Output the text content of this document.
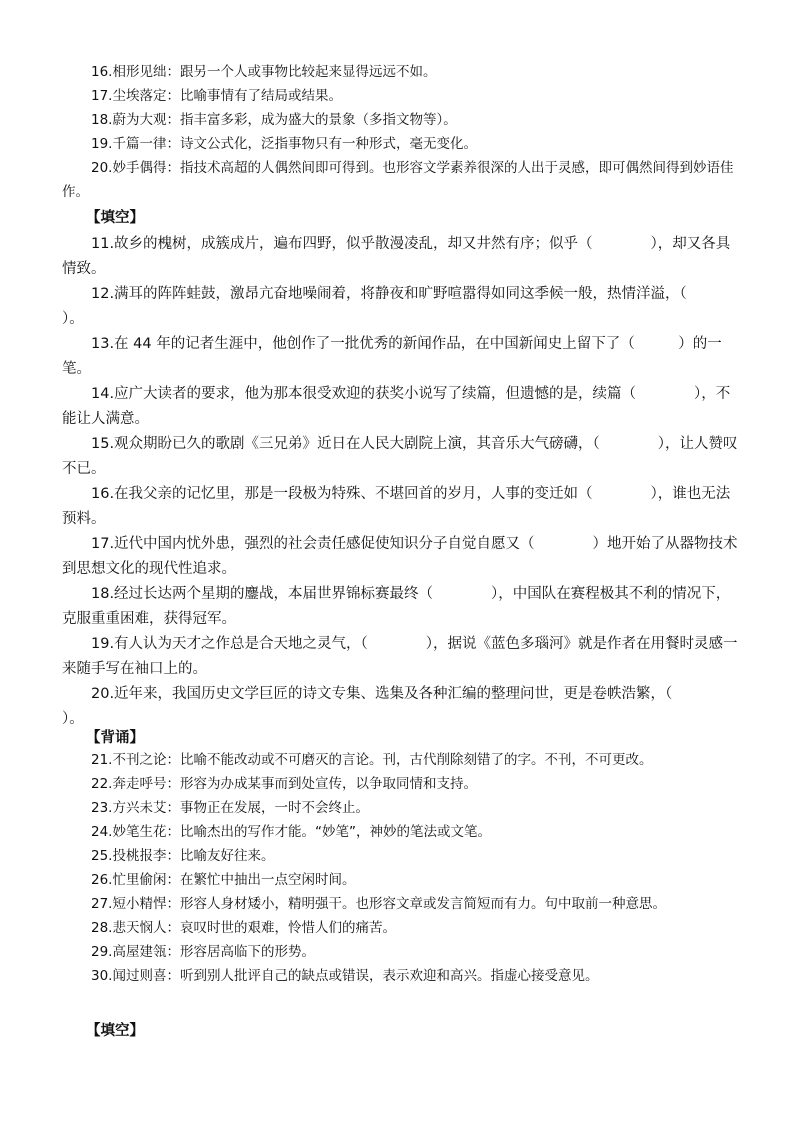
16.相形见绌：跟另一个人或事物比较起来显得远远不如。

17.尘埃落定：比喻事情有了结局或结果。

18.蔚为大观：指丰富多彩，成为盛大的景象（多指文物等）。

19.千篇一律：诗文公式化，泛指事物只有一种形式，毫无变化。

20.妙手偶得：指技术高超的人偶然间即可得到。也形容文学素养很深的人出于灵感，即可偶然间得到妙语佳作。

【填空】

11.故乡的槐树，成簇成片，遍布四野，似乎散漫凌乱，却又井然有序；似乎（　　　　），却又各具情致。

12.满耳的阵阵蛙鼓，激昂亢奋地噪闹着，将静夜和旷野喧嚣得如同这季候一般，热情洋溢，（　　　　）。

13.在 44 年的记者生涯中，他创作了一批优秀的新闻作品，在中国新闻史上留下了（　　　）的一笔。

14.应广大读者的要求，他为那本很受欢迎的获奖小说写了续篇，但遗憾的是，续篇（　　　　），不能让人满意。

15.观众期盼已久的歌剧《三兄弟》近日在人民大剧院上演，其音乐大气磅礴，（　　　　），让人赞叹不已。

16.在我父亲的记忆里，那是一段极为特殊、不堪回首的岁月，人事的变迁如（　　　　），谁也无法预料。

17.近代中国内忧外患，强烈的社会责任感促使知识分子自觉自愿又（　　　　）地开始了从器物技术到思想文化的现代性追求。

18.经过长达两个星期的鏖战，本届世界锦标赛最终（　　　　），中国队在赛程极其不利的情况下，克服重重困难，获得冠军。

19.有人认为天才之作总是合天地之灵气，（　　　　），据说《蓝色多瑙河》就是作者在用餐时灵感一来随手写在袖口上的。

20.近年来，我国历史文学巨匠的诗文专集、选集及各种汇编的整理问世，更是卷帙浩繁，（　　　　）。

【背诵】

21.不刊之论：比喻不能改动或不可磨灭的言论。刊，古代削除刻错了的字。不刊，不可更改。

22.奔走呼号：形容为办成某事而到处宣传，以争取同情和支持。

23.方兴未艾：事物正在发展，一时不会终止。

24.妙笔生花：比喻杰出的写作才能。“妙笔”，神妙的笔法或文笔。

25.投桃报李：比喻友好往来。

26.忙里偷闲：在繁忙中抽出一点空闲时间。

27.短小精悍：形容人身材矮小，精明强干。也形容文章或发言简短而有力。句中取前一种意思。

28.悲天悯人：哀叹时世的艰难，怜惜人们的痛苦。

29.高屋建瓴：形容居高临下的形势。

30.闻过则喜：听到别人批评自己的缺点或错误，表示欢迎和高兴。指虚心接受意见。

【填空】
